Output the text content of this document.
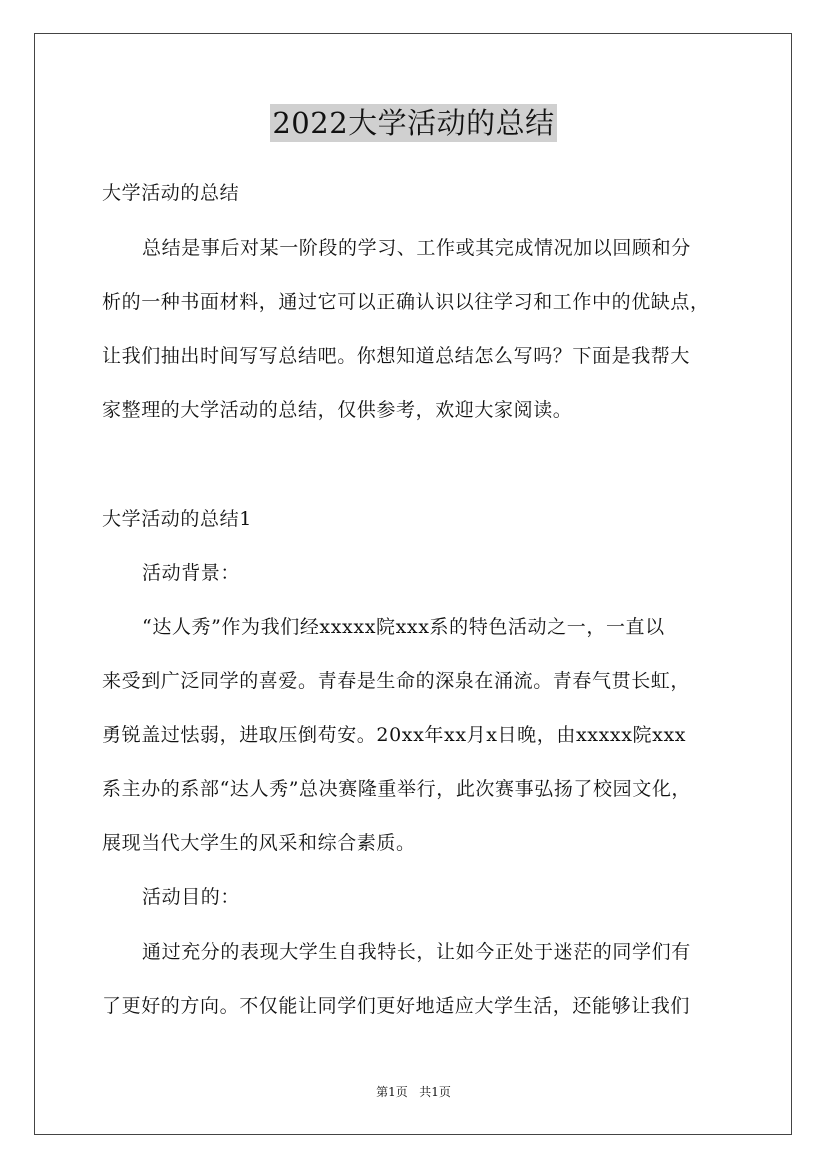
2022大学活动的总结
大学活动的总结
总结是事后对某一阶段的学习、工作或其完成情况加以回顾和分
析的一种书面材料，通过它可以正确认识以往学习和工作中的优缺点，
让我们抽出时间写写总结吧。你想知道总结怎么写吗？下面是我帮大
家整理的大学活动的总结，仅供参考，欢迎大家阅读。
大学活动的总结1
活动背景：
“达人秀”作为我们经xxxxx院xxx系的特色活动之一，一直以
来受到广泛同学的喜爱。青春是生命的深泉在涌流。青春气贯长虹，
勇锐盖过怯弱，进取压倒苟安。20xx年xx月x日晚，由xxxxx院xxx
系主办的系部“达人秀”总决赛隆重举行，此次赛事弘扬了校园文化，
展现当代大学生的风采和综合素质。
活动目的：
通过充分的表现大学生自我特长，让如今正处于迷茫的同学们有
了更好的方向。不仅能让同学们更好地适应大学生活，还能够让我们
第1页   共1页
